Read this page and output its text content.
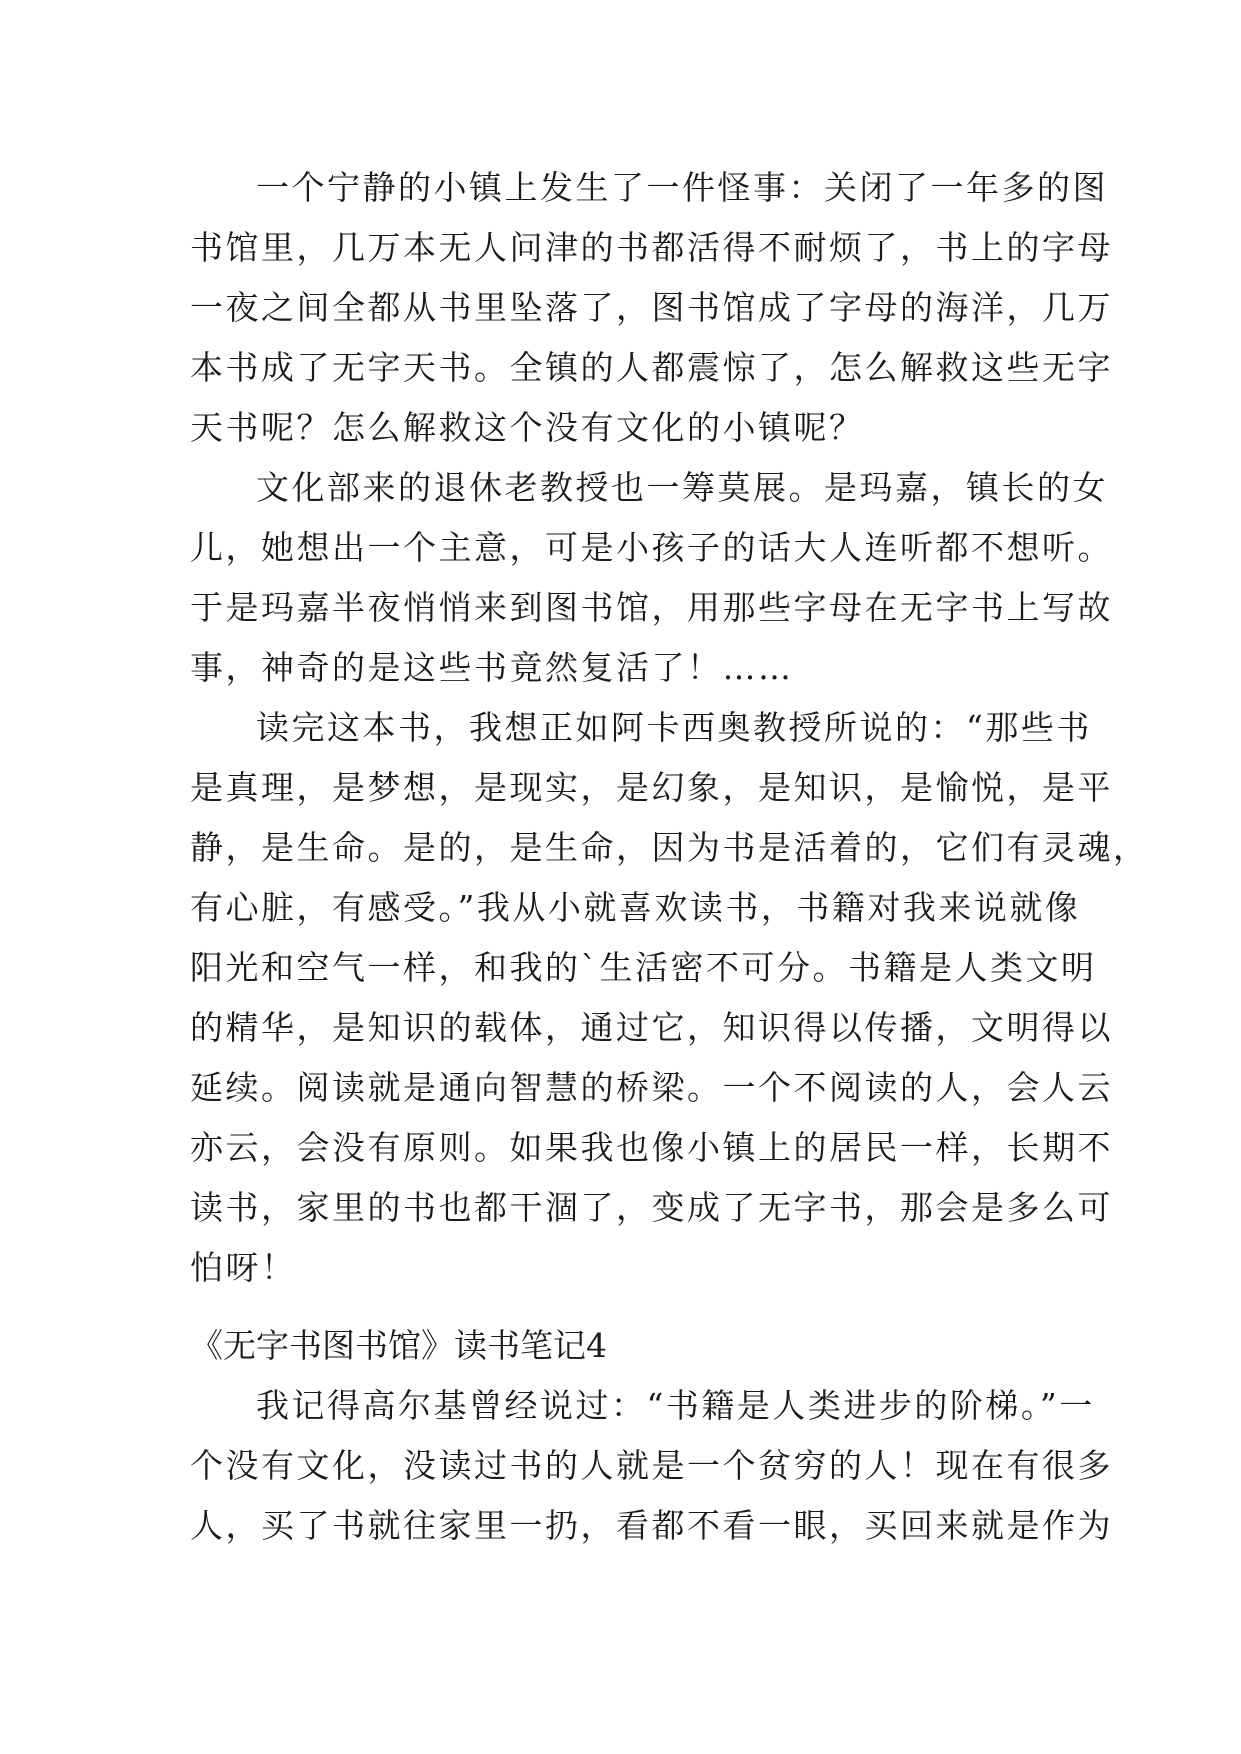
一个宁静的小镇上发生了一件怪事：关闭了一年多的图
书馆里，几万本无人问津的书都活得不耐烦了，书上的字母
一夜之间全都从书里坠落了，图书馆成了字母的海洋，几万
本书成了无字天书。全镇的人都震惊了，怎么解救这些无字
天书呢？怎么解救这个没有文化的小镇呢？
文化部来的退休老教授也一筹莫展。是玛嘉，镇长的女
儿，她想出一个主意，可是小孩子的话大人连听都不想听。
于是玛嘉半夜悄悄来到图书馆，用那些字母在无字书上写故
事，神奇的是这些书竟然复活了！……
读完这本书，我想正如阿卡西奥教授所说的：“那些书
是真理，是梦想，是现实，是幻象，是知识，是愉悦，是平
静，是生命。是的，是生命，因为书是活着的，它们有灵魂，
有心脏，有感受。”我从小就喜欢读书，书籍对我来说就像
阳光和空气一样，和我的`生活密不可分。书籍是人类文明
的精华，是知识的载体，通过它，知识得以传播，文明得以
延续。阅读就是通向智慧的桥梁。一个不阅读的人，会人云
亦云，会没有原则。如果我也像小镇上的居民一样，长期不
读书，家里的书也都干涸了，变成了无字书，那会是多么可
怕呀！
《无字书图书馆》读书笔记4
我记得高尔基曾经说过：“书籍是人类进步的阶梯。”一
个没有文化，没读过书的人就是一个贫穷的人！现在有很多
人，买了书就往家里一扔，看都不看一眼，买回来就是作为
